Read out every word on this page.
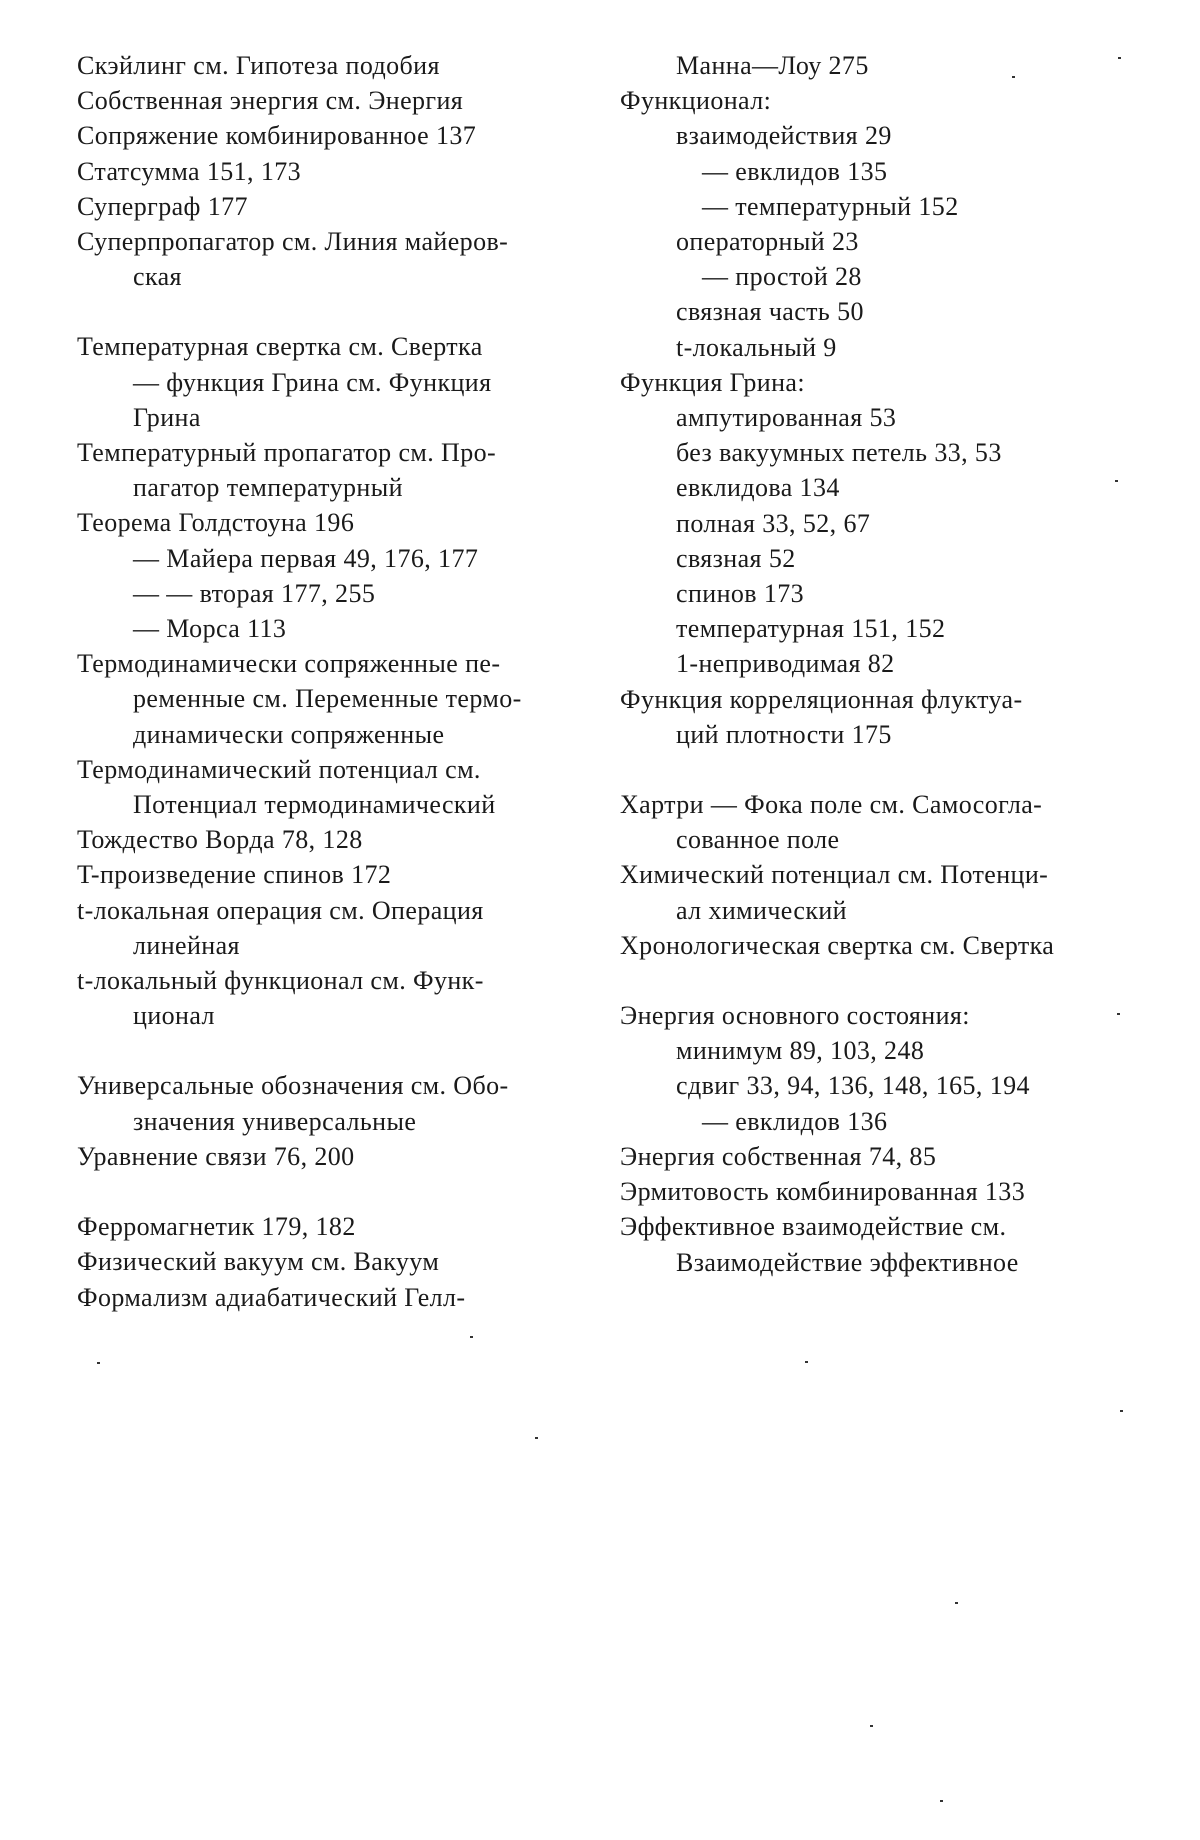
Скэйлинг см. Гипотеза подобия
Собственная энергия см. Энергия
Сопряжение комбинированное 137
Статсумма 151, 173
Суперграф 177
Суперпропагатор см. Линия майеров-
ская
Температурная свертка см. Свертка
— функция Грина см. Функция
Грина
Температурный пропагатор см. Про-
пагатор температурный
Теорема Голдстоуна 196
— Майера первая 49, 176, 177
— — вторая 177, 255
— Морса 113
Термодинамически сопряженные пе-
ременные см. Переменные термо-
динамически сопряженные
Термодинамический потенциал см.
Потенциал термодинамический
Тождество Ворда 78, 128
T-произведение спинов 172
t-локальная операция см. Операция
линейная
t-локальный функционал см. Функ-
ционал
Универсальные обозначения см. Обо-
значения универсальные
Уравнение связи 76, 200
Ферромагнетик 179, 182
Физический вакуум см. Вакуум
Формализм адиабатический Гелл-
Манна—Лоу 275
Функционал:
взаимодействия 29
— евклидов 135
— температурный 152
операторный 23
— простой 28
связная часть 50
t-локальный 9
Функция Грина:
ампутированная 53
без вакуумных петель 33, 53
евклидова 134
полная 33, 52, 67
связная 52
спинов 173
температурная 151, 152
1-неприводимая 82
Функция корреляционная флуктуа-
ций плотности 175
Хартри — Фока поле см. Самосогла-
сованное поле
Химический потенциал см. Потенци-
ал химический
Хронологическая свертка см. Свертка
Энергия основного состояния:
минимум 89, 103, 248
сдвиг 33, 94, 136, 148, 165, 194
— евклидов 136
Энергия собственная 74, 85
Эрмитовость комбинированная 133
Эффективное взаимодействие см.
Взаимодействие эффективное
